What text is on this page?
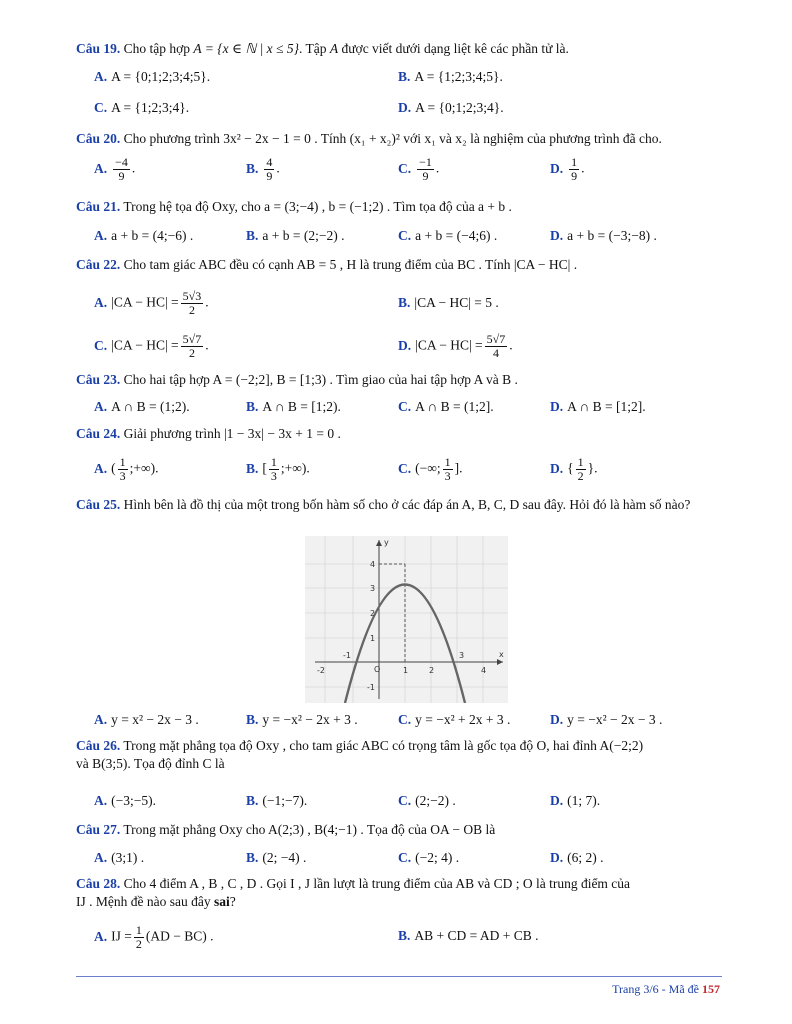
Câu 19. Cho tập hợp A = {x ∈ ℕ | x ≤ 5}. Tập A được viết dưới dạng liệt kê các phần tử là.
A. A = {0;1;2;3;4;5}.	B. A = {1;2;3;4;5}.
C. A = {1;2;3;4}.	D. A = {0;1;2;3;4}.
Câu 20. Cho phương trình 3x² − 2x − 1 = 0 . Tính (x₁ + x₂)² với x₁ và x₂ là nghiệm của phương trình đã cho.
A. $\frac{-4}{9}$ .	B. $\frac{4}{9}$ .	C. $\frac{-1}{9}$ .	D. $\frac{1}{9}$ .
Câu 21. Trong hệ tọa độ Oxy, cho a = (3;−4) , b = (−1;2) . Tìm tọa độ của a + b .
A. a + b = (4;−6) .	B. a + b = (2;−2) .	C. a + b = (−4;6) .	D. a + b = (−3;−8) .
Câu 22. Cho tam giác ABC đều có cạnh AB = 5 , H là trung điểm của BC . Tính |CA − HC| .
A. $|CA - HC| = \frac{5√3}{2}$ .	B. |CA − HC| = 5 .
C. $|CA - HC| = \frac{5√7}{2}$ .	D. $|CA - HC| = \frac{5√7}{4}$ .
Câu 23. Cho hai tập hợp A = (−2;2], B = [1;3) . Tìm giao của hai tập hợp A và B .
A. A ∩ B = (1;2).	B. A ∩ B = [1;2).	C. A ∩ B = (1;2].	D. A ∩ B = [1;2].
Câu 24. Giải phương trình |1 − 3x| − 3x + 1 = 0 .
A. ( $\frac{1}{3}$ ;+∞).	B. [ $\frac{1}{3}$ ;+∞).	C. (−∞; $\frac{1}{3}$ ].	D. { $\frac{1}{2}$ }.
Câu 25. Hình bên là đồ thị của một trong bốn hàm số cho ở các đáp án A, B, C, D sau đây. Hỏi đó là hàm số nào?
y
x
O
-2
-1
1	2
3
4
4
3
2
1
-1
A. y = x² − 2x − 3 .	B. y = −x² − 2x + 3 .	C. y = −x² + 2x + 3 .	D. y = −x² − 2x − 3 .
Câu 26. Trong mặt phẳng tọa độ Oxy , cho tam giác ABC có trọng tâm là gốc tọa độ O, hai đỉnh A(−2;2)
và B(3;5). Tọa độ đỉnh C là
A. (−3;−5).	B. (−1;−7).	C. (2;−2) .	D. (1; 7).
Câu 27. Trong mặt phẳng Oxy cho A(2;3) , B(4;−1) . Tọa độ của OA − OB là
A. (3;1) .	B. (2; −4) .	C. (−2; 4) .	D. (6; 2) .
Câu 28. Cho 4 điểm A , B , C , D . Gọi I , J lần lượt là trung điểm của AB và CD ; O là trung điểm của
IJ . Mệnh đề nào sau đây sai?
A. IJ = $\frac{1}{2} (AD - BC)$ .	B. AB + CD = AD + CB .
Trang 3/6 - Mã đề 157
